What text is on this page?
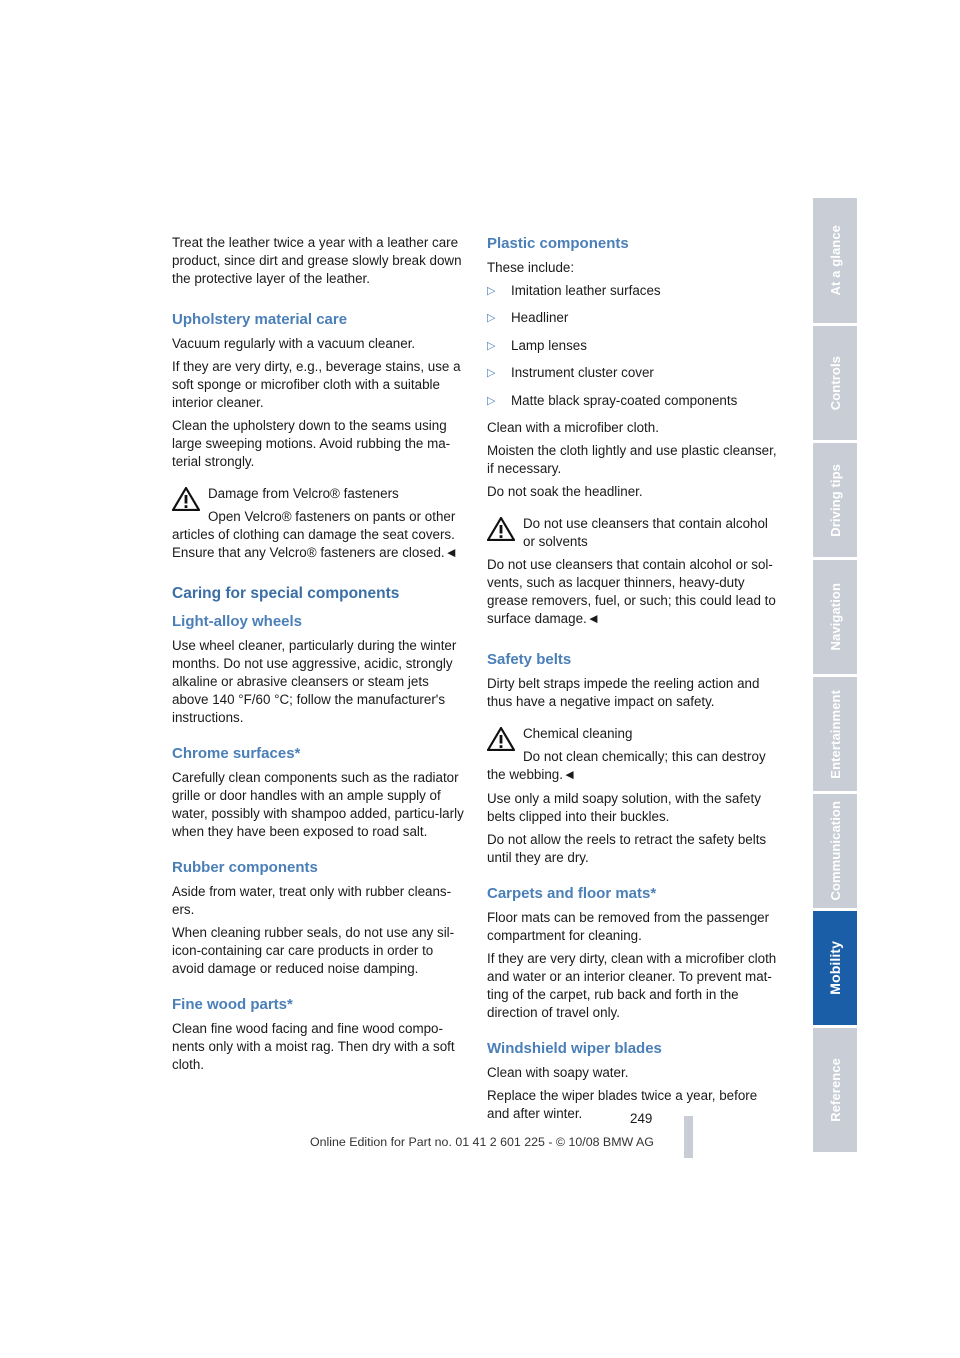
Treat the leather twice a year with a leather care product, since dirt and grease slowly break down the protective layer of the leather.

Upholstery material care

Vacuum regularly with a vacuum cleaner.

If they are very dirty, e.g., beverage stains, use a soft sponge or microfiber cloth with a suitable interior cleaner.

Clean the upholstery down to the seams using large sweeping motions. Avoid rubbing the ma-terial strongly.

Damage from Velcro® fasteners
Open Velcro® fasteners on pants or other articles of clothing can damage the seat covers. Ensure that any Velcro® fasteners are closed.◄
Caring for special components
Light-alloy wheels

Use wheel cleaner, particularly during the winter months. Do not use aggressive, acidic, strongly alkaline or abrasive cleansers or steam jets above 140 °F/60 °C; follow the manufacturer's instructions.

Chrome surfaces*

Carefully clean components such as the radiator grille or door handles with an ample supply of water, possibly with shampoo added, particu-larly when they have been exposed to road salt.

Rubber components

Aside from water, treat only with rubber cleans-ers.

When cleaning rubber seals, do not use any sil-icon-containing car care products in order to avoid damage or reduced noise damping.

Fine wood parts*

Clean fine wood facing and fine wood compo-nents only with a moist rag. Then dry with a soft cloth.

Plastic components

These include:

▷ Imitation leather surfaces
▷ Headliner
▷ Lamp lenses
▷ Instrument cluster cover
▷ Matte black spray-coated components

Clean with a microfiber cloth.

Moisten the cloth lightly and use plastic cleanser, if necessary.

Do not soak the headliner.

Do not use cleansers that contain alcohol or solvents
Do not use cleansers that contain alcohol or sol-vents, such as lacquer thinners, heavy-duty grease removers, fuel, or such; this could lead to surface damage.◄
Safety belts

Dirty belt straps impede the reeling action and thus have a negative impact on safety.

Chemical cleaning
Do not clean chemically; this can destroy the webbing.◄

Use only a mild soapy solution, with the safety belts clipped into their buckles.

Do not allow the reels to retract the safety belts until they are dry.

Carpets and floor mats*

Floor mats can be removed from the passenger compartment for cleaning.

If they are very dirty, clean with a microfiber cloth and water or an interior cleaner. To prevent mat-ting of the carpet, rub back and forth in the direction of travel only.

Windshield wiper blades

Clean with soapy water.

Replace the wiper blades twice a year, before and after winter.

At a glance
Controls
Driving tips
Navigation
Entertainment
Communication
Mobility
Reference
249
Online Edition for Part no. 01 41 2 601 225 - © 10/08 BMW AG
